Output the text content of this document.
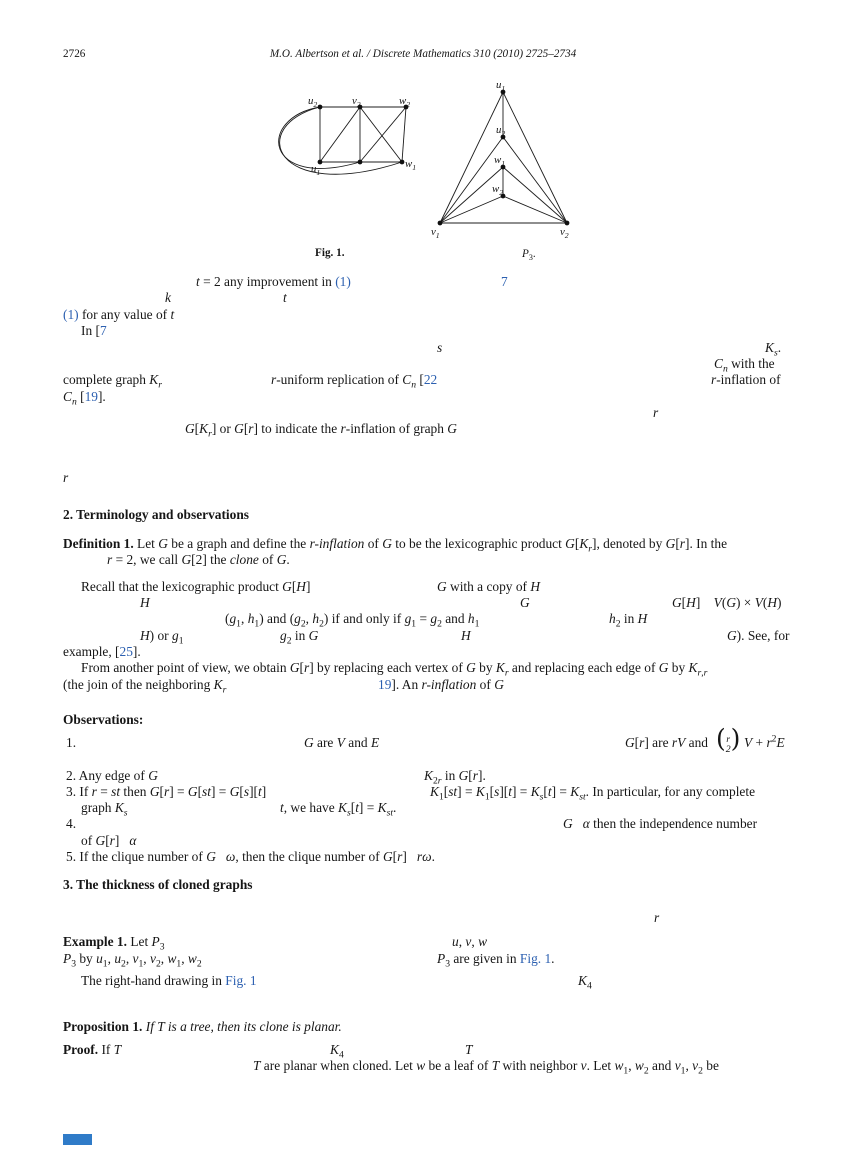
2726	M.O. Albertson et al. / Discrete Mathematics 310 (2010) 2725–2734
$u_2$	$v_2$	$w_2$
$u_1$
$w_1$
$u_1$
$u_2$
$w_1$
$w_2$
$v_1$	$v_2$
Fig. 1.	$P_3$.
t = 2 any improvement in (1)	7
k	t
(1) for any value of t
In [7
s	$K_s$.
$C_n$ with the
complete graph $K_r$	r-uniform replication of $C_n$ [22	r-inflation of
$C_n$ [19].
r
$G[K_r]$ or G[r] to indicate the r-inflation of graph G
r
2. Terminology and observations
Definition 1. Let G be a graph and define the r-inflation of G to be the lexicographic product $G[K_r]$, denoted by G[r]. In the
r = 2, we call G[2] the clone of G.
Recall that the lexicographic product G[H]	G with a copy of H
H	G	G[H]    V(G) × V(H)
($g_1$, $h_1$) and ($g_2$, $h_2$) if and only if $g_1 = g_2$ and $h_1$	$h_2$ in H
H) or $g_1$	$g_2$ in G	H	G). See, for
example, [25].
From another point of view, we obtain G[r] by replacing each vertex of G by $K_r$ and replacing each edge of G by $K_{r,r}$
(the join of the neighboring $K_r$	19]. An r-inflation of G
Observations:
1.	G are V and E	G[r] are rV and ( r
2 ) $V + r^2E$
2. Any edge of G	$K_{2r}$ in G[r].
3. If r = st then G[r] = G[st] = G[s][t]	$K_1[st] = K_1[s][t] = K_s[t] = K_{st}$. In particular, for any complete
graph $K_s$	t, we have $K_s[t] = K_{st}$.
4.	G α then the independence number
of G[r]   α
5. If the clique number of G ω, then the clique number of G[r]   rω.
3. The thickness of cloned graphs
r
Example 1. Let $P_3$	u, v, w
$P_3$ by $u_1$, $u_2$, $v_1$, $v_2$, $w_1$, $w_2$	$P_3$ are given in Fig. 1.
The right-hand drawing in Fig. 1	$K_4$
Proposition 1. If T is a tree, then its clone is planar.
Proof. If T	$K_4$	T
T are planar when cloned. Let w be a leaf of T with neighbor v. Let $w_1$, $w_2$ and $v_1$, $v_2$ be
